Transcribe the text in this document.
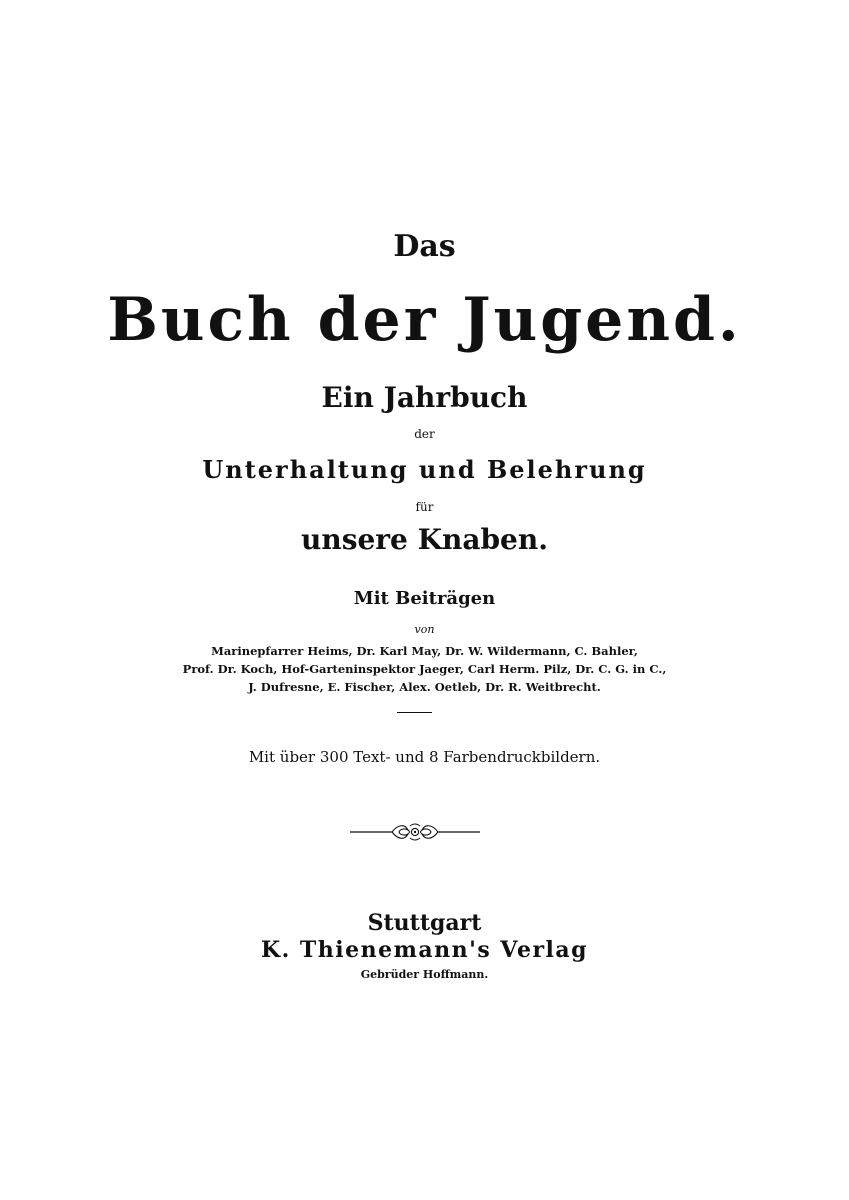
Das
Buch der Jugend.
Ein Jahrbuch
der
Unterhaltung und Belehrung
für
unsere Knaben.
Mit Beiträgen
von
Marinepfarrer Heims, Dr. Karl May, Dr. W. Wildermann, C. Bahler,
Prof. Dr. Koch, Hof-Garteninspektor Jaeger, Carl Herm. Pilz, Dr. C. G. in C.,
J. Dufresne, E. Fischer, Alex. Oetleb, Dr. R. Weitbrecht.
Mit über 300 Text- und 8 Farbendruckbildern.
Stuttgart
K. Thienemann's Verlag
Gebrüder Hoffmann.
